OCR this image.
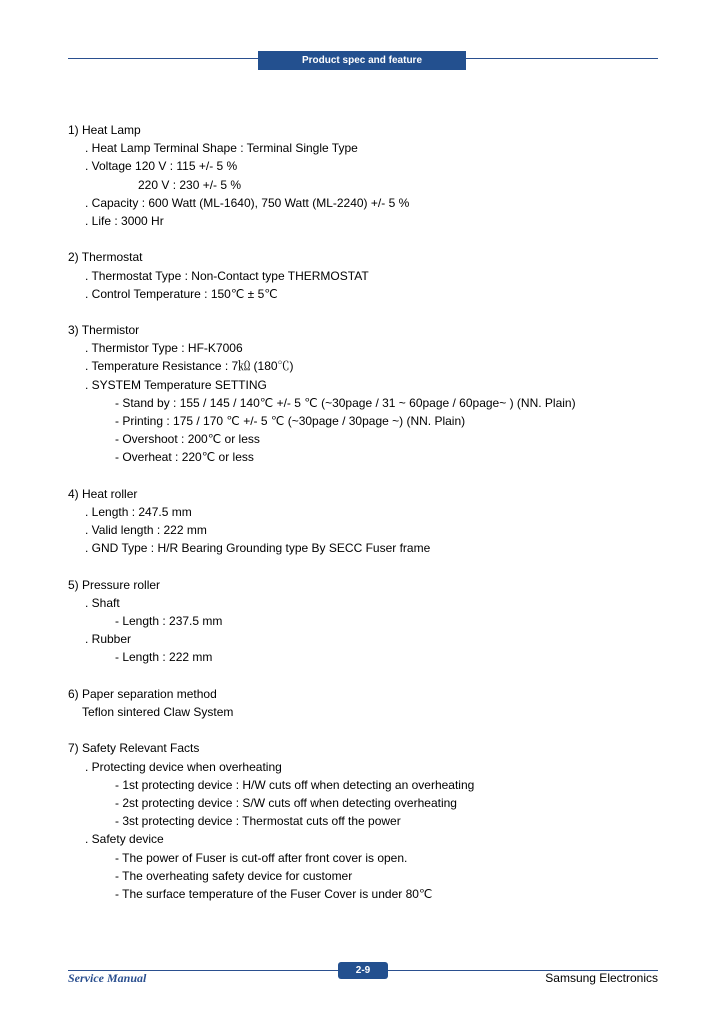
Product spec and feature

1) Heat Lamp

. Heat Lamp Terminal Shape : Terminal Single Type

. Voltage 120 V : 115 +/- 5 %

220 V : 230 +/- 5 %

. Capacity : 600 Watt (ML-1640), 750 Watt (ML-2240) +/- 5 %

. Life : 3000 Hr

2) Thermostat

. Thermostat Type : Non-Contact type THERMOSTAT

. Control Temperature : 150℃ ± 5℃

3) Thermistor

. Thermistor Type : HF-K7006

. Temperature Resistance : 7㏀ (180℃)

. SYSTEM Temperature SETTING

- Stand by : 155 / 145 / 140℃ +/- 5 ℃ (~30page / 31 ~ 60page / 60page~ ) (NN. Plain)

- Printing : 175 / 170 ℃ +/- 5 ℃ (~30page / 30page ~) (NN. Plain)

- Overshoot : 200℃ or less

- Overheat : 220℃ or less

4) Heat roller

. Length : 247.5 mm

. Valid length : 222 mm

. GND Type : H/R Bearing Grounding type By SECC Fuser frame

5) Pressure roller

. Shaft

- Length : 237.5 mm

. Rubber

- Length : 222 mm

6) Paper separation method

Teflon sintered Claw System

7) Safety Relevant Facts

. Protecting device when overheating

- 1st protecting device : H/W cuts off when detecting an overheating

- 2st protecting device : S/W cuts off when detecting overheating

- 3st protecting device : Thermostat cuts off the power

. Safety device

- The power of Fuser is cut-off after front cover is open.

- The overheating safety device for customer

- The surface temperature of the Fuser Cover is under 80℃

2-9
Service Manual	Samsung Electronics
